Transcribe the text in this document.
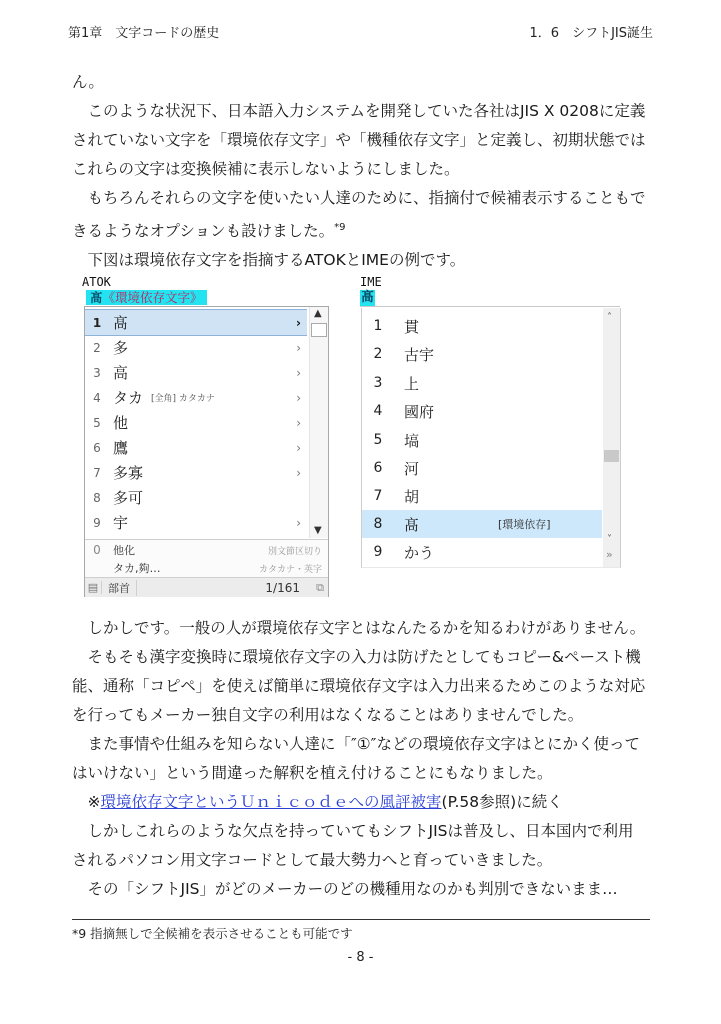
第1章　文字コードの歴史	1．6　シフトJIS誕生

ん。

　このような状況下、日本語入力システムを開発していた各社はJIS X 0208に定義

されていない文字を「環境依存文字」や「機種依存文字」と定義し、初期状態では

これらの文字は変換候補に表示しないようにしました。

　もちろんそれらの文字を使いたい人達のために、指摘付で候補表示することもで

きるようなオプションも設けました。$^{*9}$

　下図は環境依存文字を指摘するATOKとIMEの例です。

ATOK
髙《環境依存文字》
1 髙	›
2 多	›
3 高	›
4 タカ [全角] カタカナ	›
5 他	›
6 鷹	›
7 多寡	›
8 多可
9 宇	›
▲
▼
0	他化	別文節区切り
タカ,夠…	カタカナ・英字
▤ 部首	1/161 ⧉
IME
髙
1	貫
2	古宇
3	上
4	國府
5	塙
6	河
7	胡
8	髙	[環境依存]
9	かう
˄
˅
»

　しかしです。一般の人が環境依存文字とはなんたるかを知るわけがありません。

　そもそも漢字変換時に環境依存文字の入力は防げたとしてもコピー&ペースト機

能、通称「コピペ」を使えば簡単に環境依存文字は入力出来るためこのような対応

を行ってもメーカー独自文字の利用はなくなることはありませんでした。

　また事情や仕組みを知らない人達に「″①″などの環境依存文字はとにかく使って

はいけない」という間違った解釈を植え付けることにもなりました。

　※環境依存文字というＵｎｉｃｏｄｅへの風評被害(P.58参照)に続く

　しかしこれらのような欠点を持っていてもシフトJISは普及し、日本国内で利用

されるパソコン用文字コードとして最大勢力へと育っていきました。

　その「シフトJIS」がどのメーカーのどの機種用なのかも判別できないまま…

*9 指摘無しで全候補を表示させることも可能です
- 8 -
